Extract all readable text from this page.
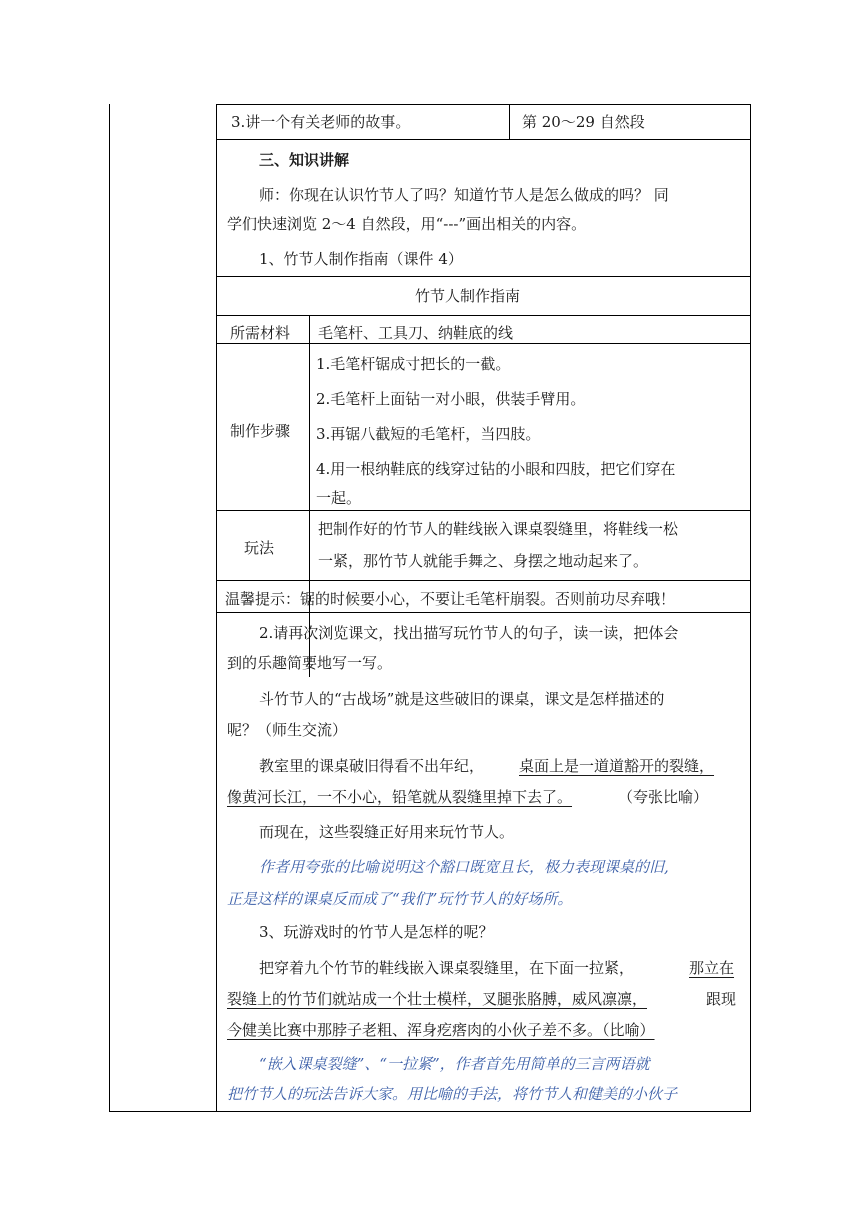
3.讲一个有关老师的故事。	第 20～29 自然段
三、知识讲解
师：你现在认识竹节人了吗？知道竹节人是怎么做成的吗？ 同
学们快速浏览 2～4 自然段，用“---”画出相关的内容。
1、竹节人制作指南（课件 4）
竹节人制作指南
所需材料 毛笔杆、工具刀、纳鞋底的线
制作步骤
1.毛笔杆锯成寸把长的一截。
2.毛笔杆上面钻一对小眼，供装手臂用。
3.再锯八截短的毛笔杆，当四肢。
4.用一根纳鞋底的线穿过钻的小眼和四肢，把它们穿在
一起。
玩法
把制作好的竹节人的鞋线嵌入课桌裂缝里，将鞋线一松
一紧，那竹节人就能手舞之、身摆之地动起来了。
温馨提示：锯的时候要小心，不要让毛笔杆崩裂。否则前功尽弃哦！
2.请再次浏览课文，找出描写玩竹节人的句子，读一读，把体会
到的乐趣简要地写一写。
斗竹节人的“古战场”就是这些破旧的课桌，课文是怎样描述的
呢？（师生交流）
教室里的课桌破旧得看不出年纪， 桌面上是一道道豁开的裂缝，
像黄河长江，一不小心，铅笔就从裂缝里掉下去了。	（夸张比喻）
而现在，这些裂缝正好用来玩竹节人。
作者用夸张的比喻说明这个豁口既宽且长，极力表现课桌的旧,
正是这样的课桌反而成了“我们”玩竹节人的好场所。
3、玩游戏时的竹节人是怎样的呢？
把穿着九个竹节的鞋线嵌入课桌裂缝里，在下面一拉紧，	那立在
裂缝上的竹节们就站成一个壮士模样，叉腿张胳膊，威风凛凛，	跟现
今健美比赛中那脖子老粗、浑身疙瘩肉的小伙子差不多。（比喻）
“嵌入课桌裂缝”、“一拉紧”，作者首先用简单的三言两语就
把竹节人的玩法告诉大家。用比喻的手法，将竹节人和健美的小伙子
